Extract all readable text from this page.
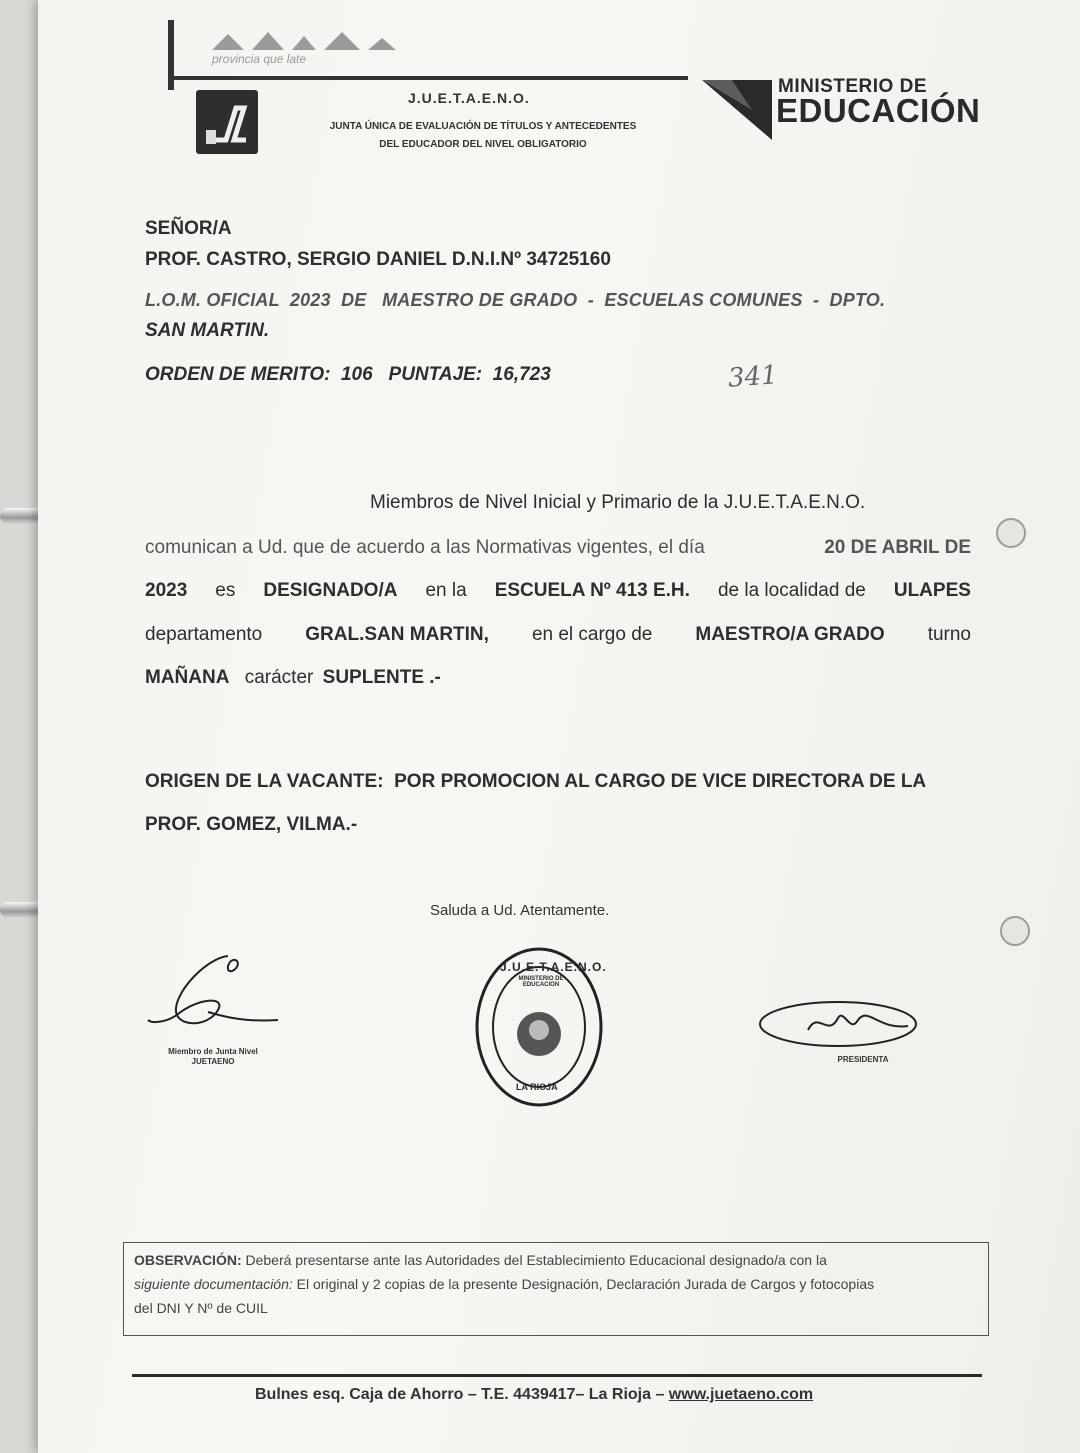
provincia que late
J.U.E.T.A.E.N.O.
JUNTA ÚNICA DE EVALUACIÓN DE TÍTULOS Y ANTECEDENTES
DEL EDUCADOR DEL NIVEL OBLIGATORIO
MINISTERIO DE
EDUCACIÓN
SEÑOR/A
PROF. CASTRO, SERGIO DANIEL D.N.I.Nº 34725160
L.O.M. OFICIAL  2023  DE   MAESTRO DE GRADO  -  ESCUELAS COMUNES  -  DPTO.
SAN MARTIN.
ORDEN DE MERITO:  106   PUNTAJE:  16,723	341
Miembros de Nivel Inicial y Primario de la J.U.E.T.A.E.N.O.
comunican a Ud. que de acuerdo a las Normativas vigentes, el día	20 DE ABRIL DE
2023 es DESIGNADO/A en la ESCUELA Nº 413 E.H. de la localidad de ULAPES
departamento GRAL.SAN MARTIN, en el cargo de MAESTRO/A GRADO turno
MAÑANA carácter SUPLENTE .-
ORIGEN DE LA VACANTE:  POR PROMOCION AL CARGO DE VICE DIRECTORA DE LA
PROF. GOMEZ, VILMA.-
Saluda a Ud. Atentamente.
Miembro de Junta Nivel
JUETAENO
J.U.E.T.A.E.N.O.
MINISTERIO DE EDUCACION
LA RIOJA
PRESIDENTA
OBSERVACIÓN: Deberá presentarse ante las Autoridades del Establecimiento Educacional designado/a con la
siguiente documentación: El original y 2 copias de la presente Designación, Declaración Jurada de Cargos y fotocopias
del DNI Y Nº de CUIL
Bulnes esq. Caja de Ahorro – T.E. 4439417– La Rioja – www.juetaeno.com
